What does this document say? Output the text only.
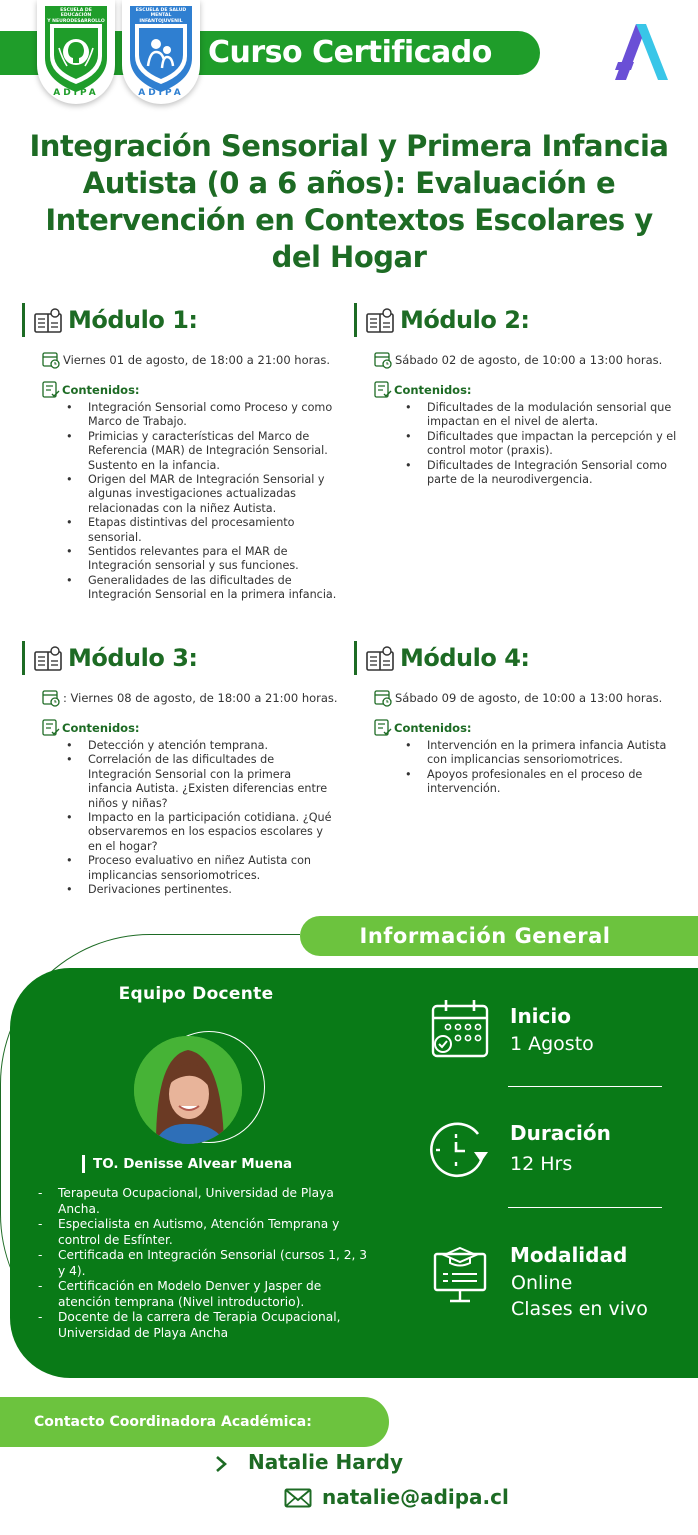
Curso Certificado
ESCUELA DE EDUCACIÓN
Y NEURODESARROLLO
ADIPA
ESCUELA DE SALUD MENTAL
INFANTOJUVENIL
ADIPA
Integración Sensorial y Primera Infancia Autista (0 a 6 años): Evaluación e Intervención en Contextos Escolares y del Hogar
Módulo 1:
Viernes 01 de agosto, de 18:00 a 21:00 horas.
Contenidos:
• Integración Sensorial como Proceso y como Marco de Trabajo.
• Primicias y características del Marco de Referencia (MAR) de Integración Sensorial. Sustento en la infancia.
• Origen del MAR de Integración Sensorial y algunas investigaciones actualizadas relacionadas con la niñez Autista.
• Etapas distintivas del procesamiento sensorial.
• Sentidos relevantes para el MAR de Integración sensorial y sus funciones.
• Generalidades de las dificultades de Integración Sensorial en la primera infancia.
Módulo 2:
Sábado 02 de agosto, de 10:00 a 13:00 horas.
Contenidos:
• Dificultades de la modulación sensorial que impactan en el nivel de alerta.
• Dificultades que impactan la percepción y el control motor (praxis).
• Dificultades de Integración Sensorial como parte de la neurodivergencia.
Módulo 3:
: Viernes 08 de agosto, de 18:00 a 21:00 horas.
Contenidos:
• Detección y atención temprana.
• Correlación de las dificultades de Integración Sensorial con la primera infancia Autista. ¿Existen diferencias entre niños y niñas?
• Impacto en la participación cotidiana. ¿Qué observaremos en los espacios escolares y en el hogar?
• Proceso evaluativo en niñez Autista con implicancias sensoriomotrices.
• Derivaciones pertinentes.
Módulo 4:
Sábado 09 de agosto, de 10:00 a 13:00 horas.
Contenidos:
• Intervención en la primera infancia Autista con implicancias sensoriomotrices.
• Apoyos profesionales en el proceso de intervención.
Información General
Equipo Docente
TO. Denisse Alvear Muena
- Terapeuta Ocupacional, Universidad de Playa Ancha.
- Especialista en Autismo, Atención Temprana y control de Esfínter.
- Certificada en Integración Sensorial (cursos 1, 2, 3 y 4).
- Certificación en Modelo Denver y Jasper de atención temprana (Nivel introductorio).
- Docente de la carrera de Terapia Ocupacional, Universidad de Playa Ancha
Inicio
1 Agosto
Duración
12 Hrs
Modalidad
Online
Clases en vivo
Contacto Coordinadora Académica:
Natalie Hardy
natalie@adipa.cl
